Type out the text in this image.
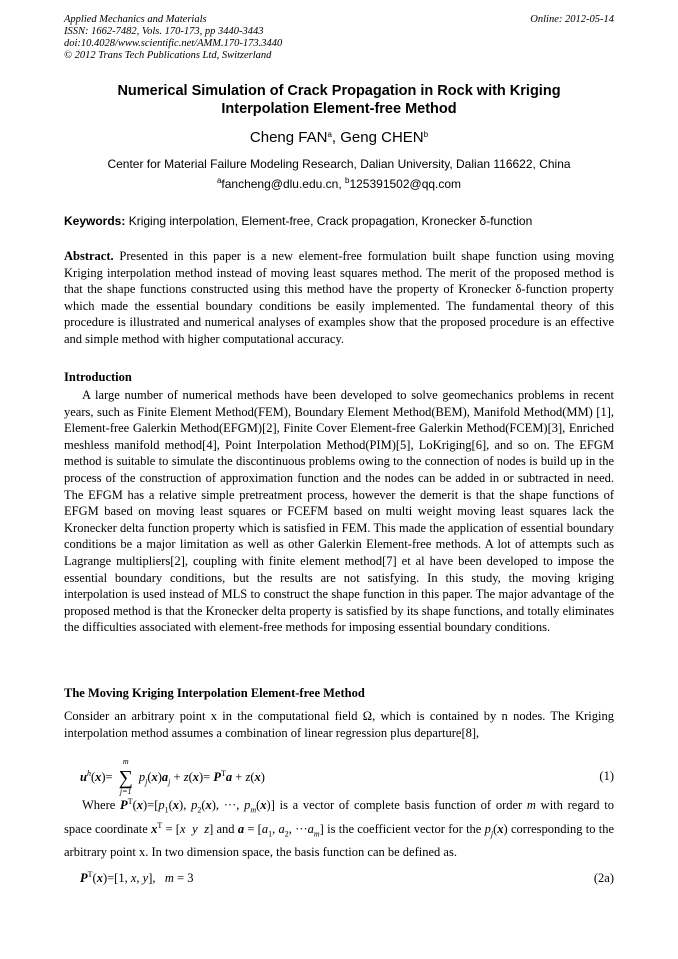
Applied Mechanics and Materials
ISSN: 1662-7482, Vols. 170-173, pp 3440-3443
doi:10.4028/www.scientific.net/AMM.170-173.3440
© 2012 Trans Tech Publications Ltd, Switzerland
Online: 2012-05-14
Numerical Simulation of Crack Propagation in Rock with Kriging
Interpolation Element-free Method
Cheng FAN$^a$, Geng CHEN$^b$
Center for Material Failure Modeling Research, Dalian University, Dalian 116622, China
$^a$fancheng@dlu.edu.cn, $^b$125391502@qq.com
Keywords: Kriging interpolation, Element-free, Crack propagation, Kronecker δ-function
Abstract. Presented in this paper is a new element-free formulation built shape function using moving Kriging interpolation method instead of moving least squares method. The merit of the proposed method is that the shape functions constructed using this method have the property of Kronecker δ-function property which made the essential boundary conditions be easily implemented. The fundamental theory of this procedure is illustrated and numerical analyses of examples show that the proposed procedure is an effective and simple method with higher computational accuracy.
Introduction
A large number of numerical methods have been developed to solve geomechanics problems in recent years, such as Finite Element Method(FEM), Boundary Element Method(BEM), Manifold Method(MM) [1], Element-free Galerkin Method(EFGM)[2], Finite Cover Element-free Galerkin Method(FCEM)[3], Enriched meshless manifold method[4], Point Interpolation Method(PIM)[5], LoKriging[6], and so on. The EFGM method is suitable to simulate the discontinuous problems owing to the connection of nodes is build up in the process of the construction of approximation function and the nodes can be added in or subtracted in need. The EFGM has a relative simple pretreatment process, however the demerit is that the shape functions of EFGM based on moving least squares or FCEFM based on multi weight moving least squares lack the Kronecker delta function property which is satisfied in FEM. This made the application of essential boundary conditions be a major limitation as well as other Galerkin Element-free methods. A lot of attempts such as Lagrange multipliers[2], coupling with finite element method[7] et al have been developed to impose the essential boundary conditions, but the results are not satisfying. In this study, the moving kriging interpolation is used instead of MLS to construct the shape function in this paper. The major advantage of the proposed method is that the Kronecker delta property is satisfied by its shape functions, and totally eliminates the difficulties associated with element-free methods for imposing essential boundary conditions.
The Moving Kriging Interpolation Element-free Method
Consider an arbitrary point x in the computational field Ω, which is contained by n nodes. The Kriging interpolation method assumes a combination of linear regression plus departure[8],
$u^h(x)=$
m
∑
j=1
$p_j(x)a_j + z(x)= P^Ta + z(x)$	(1)
Where $P^T(x)=[p_1(x)$, $p_2(x)$, ···, $p_m(x)$] is a vector of complete basis function of order m with regard to space coordinate $x^T = [x$ y z] and $a = [a_1$, $a_2$, $\cdot\cdot\cdot a_m$] is the coefficient vector for the $p_j(x)$ corresponding to the arbitrary point x. In two dimension space, the basis function can be defined as.
$P^T(x)=[1$, x, y],   m = 3	(2a)
